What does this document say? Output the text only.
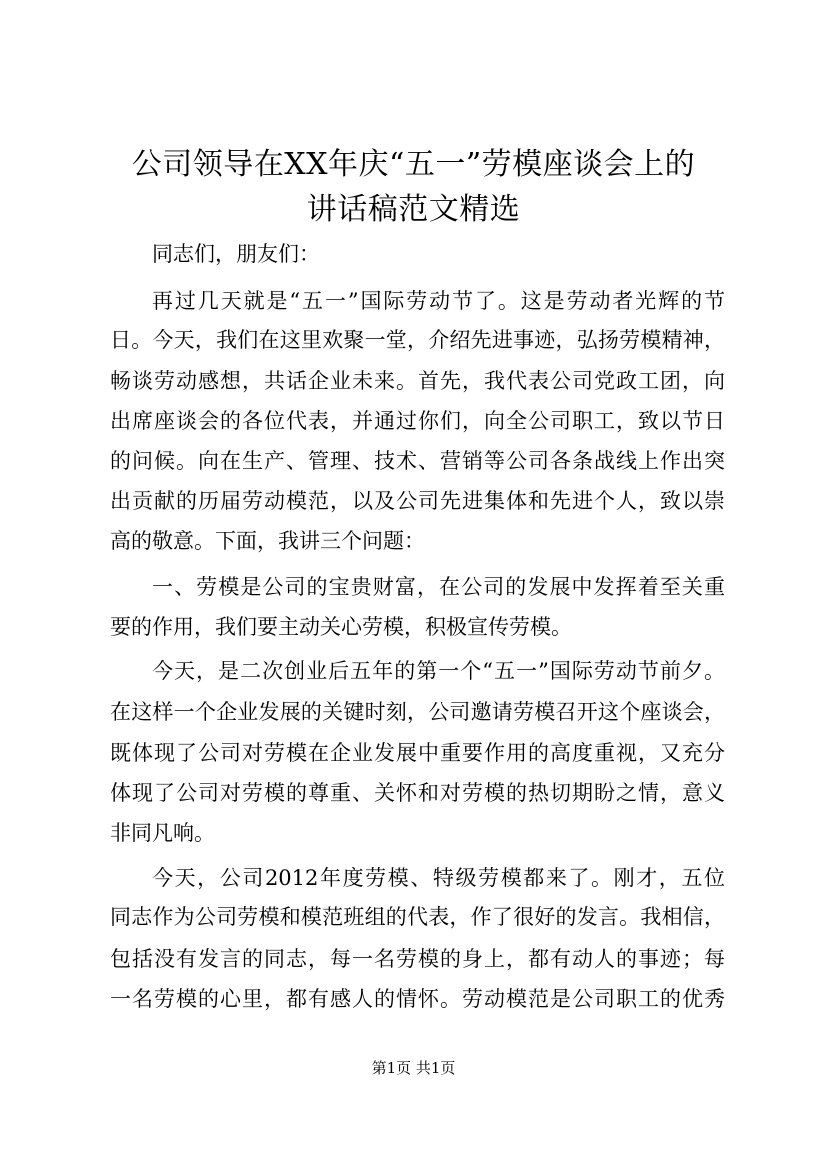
公司领导在XX年庆“五一”劳模座谈会上的
讲话稿范文精选
同志们，朋友们：
再过几天就是“五一”国际劳动节了。这是劳动者光辉的节
日。今天，我们在这里欢聚一堂，介绍先进事迹，弘扬劳模精神，
畅谈劳动感想，共话企业未来。首先，我代表公司党政工团，向
出席座谈会的各位代表，并通过你们，向全公司职工，致以节日
的问候。向在生产、管理、技术、营销等公司各条战线上作出突
出贡献的历届劳动模范，以及公司先进集体和先进个人，致以崇
高的敬意。下面，我讲三个问题：
一、劳模是公司的宝贵财富，在公司的发展中发挥着至关重
要的作用，我们要主动关心劳模，积极宣传劳模。
今天，是二次创业后五年的第一个“五一”国际劳动节前夕。
在这样一个企业发展的关键时刻，公司邀请劳模召开这个座谈会，
既体现了公司对劳模在企业发展中重要作用的高度重视，又充分
体现了公司对劳模的尊重、关怀和对劳模的热切期盼之情，意义
非同凡响。
今天，公司2012年度劳模、特级劳模都来了。刚才，五位
同志作为公司劳模和模范班组的代表，作了很好的发言。我相信，
包括没有发言的同志，每一名劳模的身上，都有动人的事迹；每
一名劳模的心里，都有感人的情怀。劳动模范是公司职工的优秀
第1页 共1页
